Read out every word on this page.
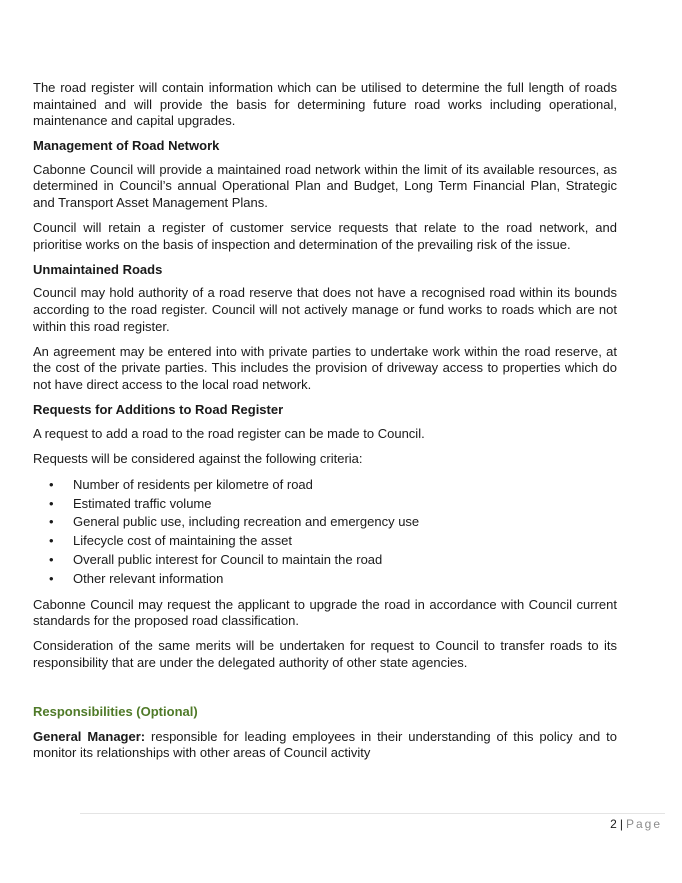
The road register will contain information which can be utilised to determine the full length of roads maintained and will provide the basis for determining future road works including operational, maintenance and capital upgrades.

Management of Road Network

Cabonne Council will provide a maintained road network within the limit of its available resources, as determined in Council’s annual Operational Plan and Budget, Long Term Financial Plan, Strategic and Transport Asset Management Plans.

Council will retain a register of customer service requests that relate to the road network, and prioritise works on the basis of inspection and determination of the prevailing risk of the issue.

Unmaintained Roads

Council may hold authority of a road reserve that does not have a recognised road within its bounds according to the road register. Council will not actively manage or fund works to roads which are not within this road register.

An agreement may be entered into with private parties to undertake work within the road reserve, at the cost of the private parties. This includes the provision of driveway access to properties which do not have direct access to the local road network.

Requests for Additions to Road Register

A request to add a road to the road register can be made to Council.

Requests will be considered against the following criteria:

• Number of residents per kilometre of road
• Estimated traffic volume
• General public use, including recreation and emergency use
• Lifecycle cost of maintaining the asset
• Overall public interest for Council to maintain the road
• Other relevant information

Cabonne Council may request the applicant to upgrade the road in accordance with Council current standards for the proposed road classification.

Consideration of the same merits will be undertaken for request to Council to transfer roads to its responsibility that are under the delegated authority of other state agencies.

Responsibilities (Optional)

General Manager: responsible for leading employees in their understanding of this policy and to monitor its relationships with other areas of Council activity

2 | Page
